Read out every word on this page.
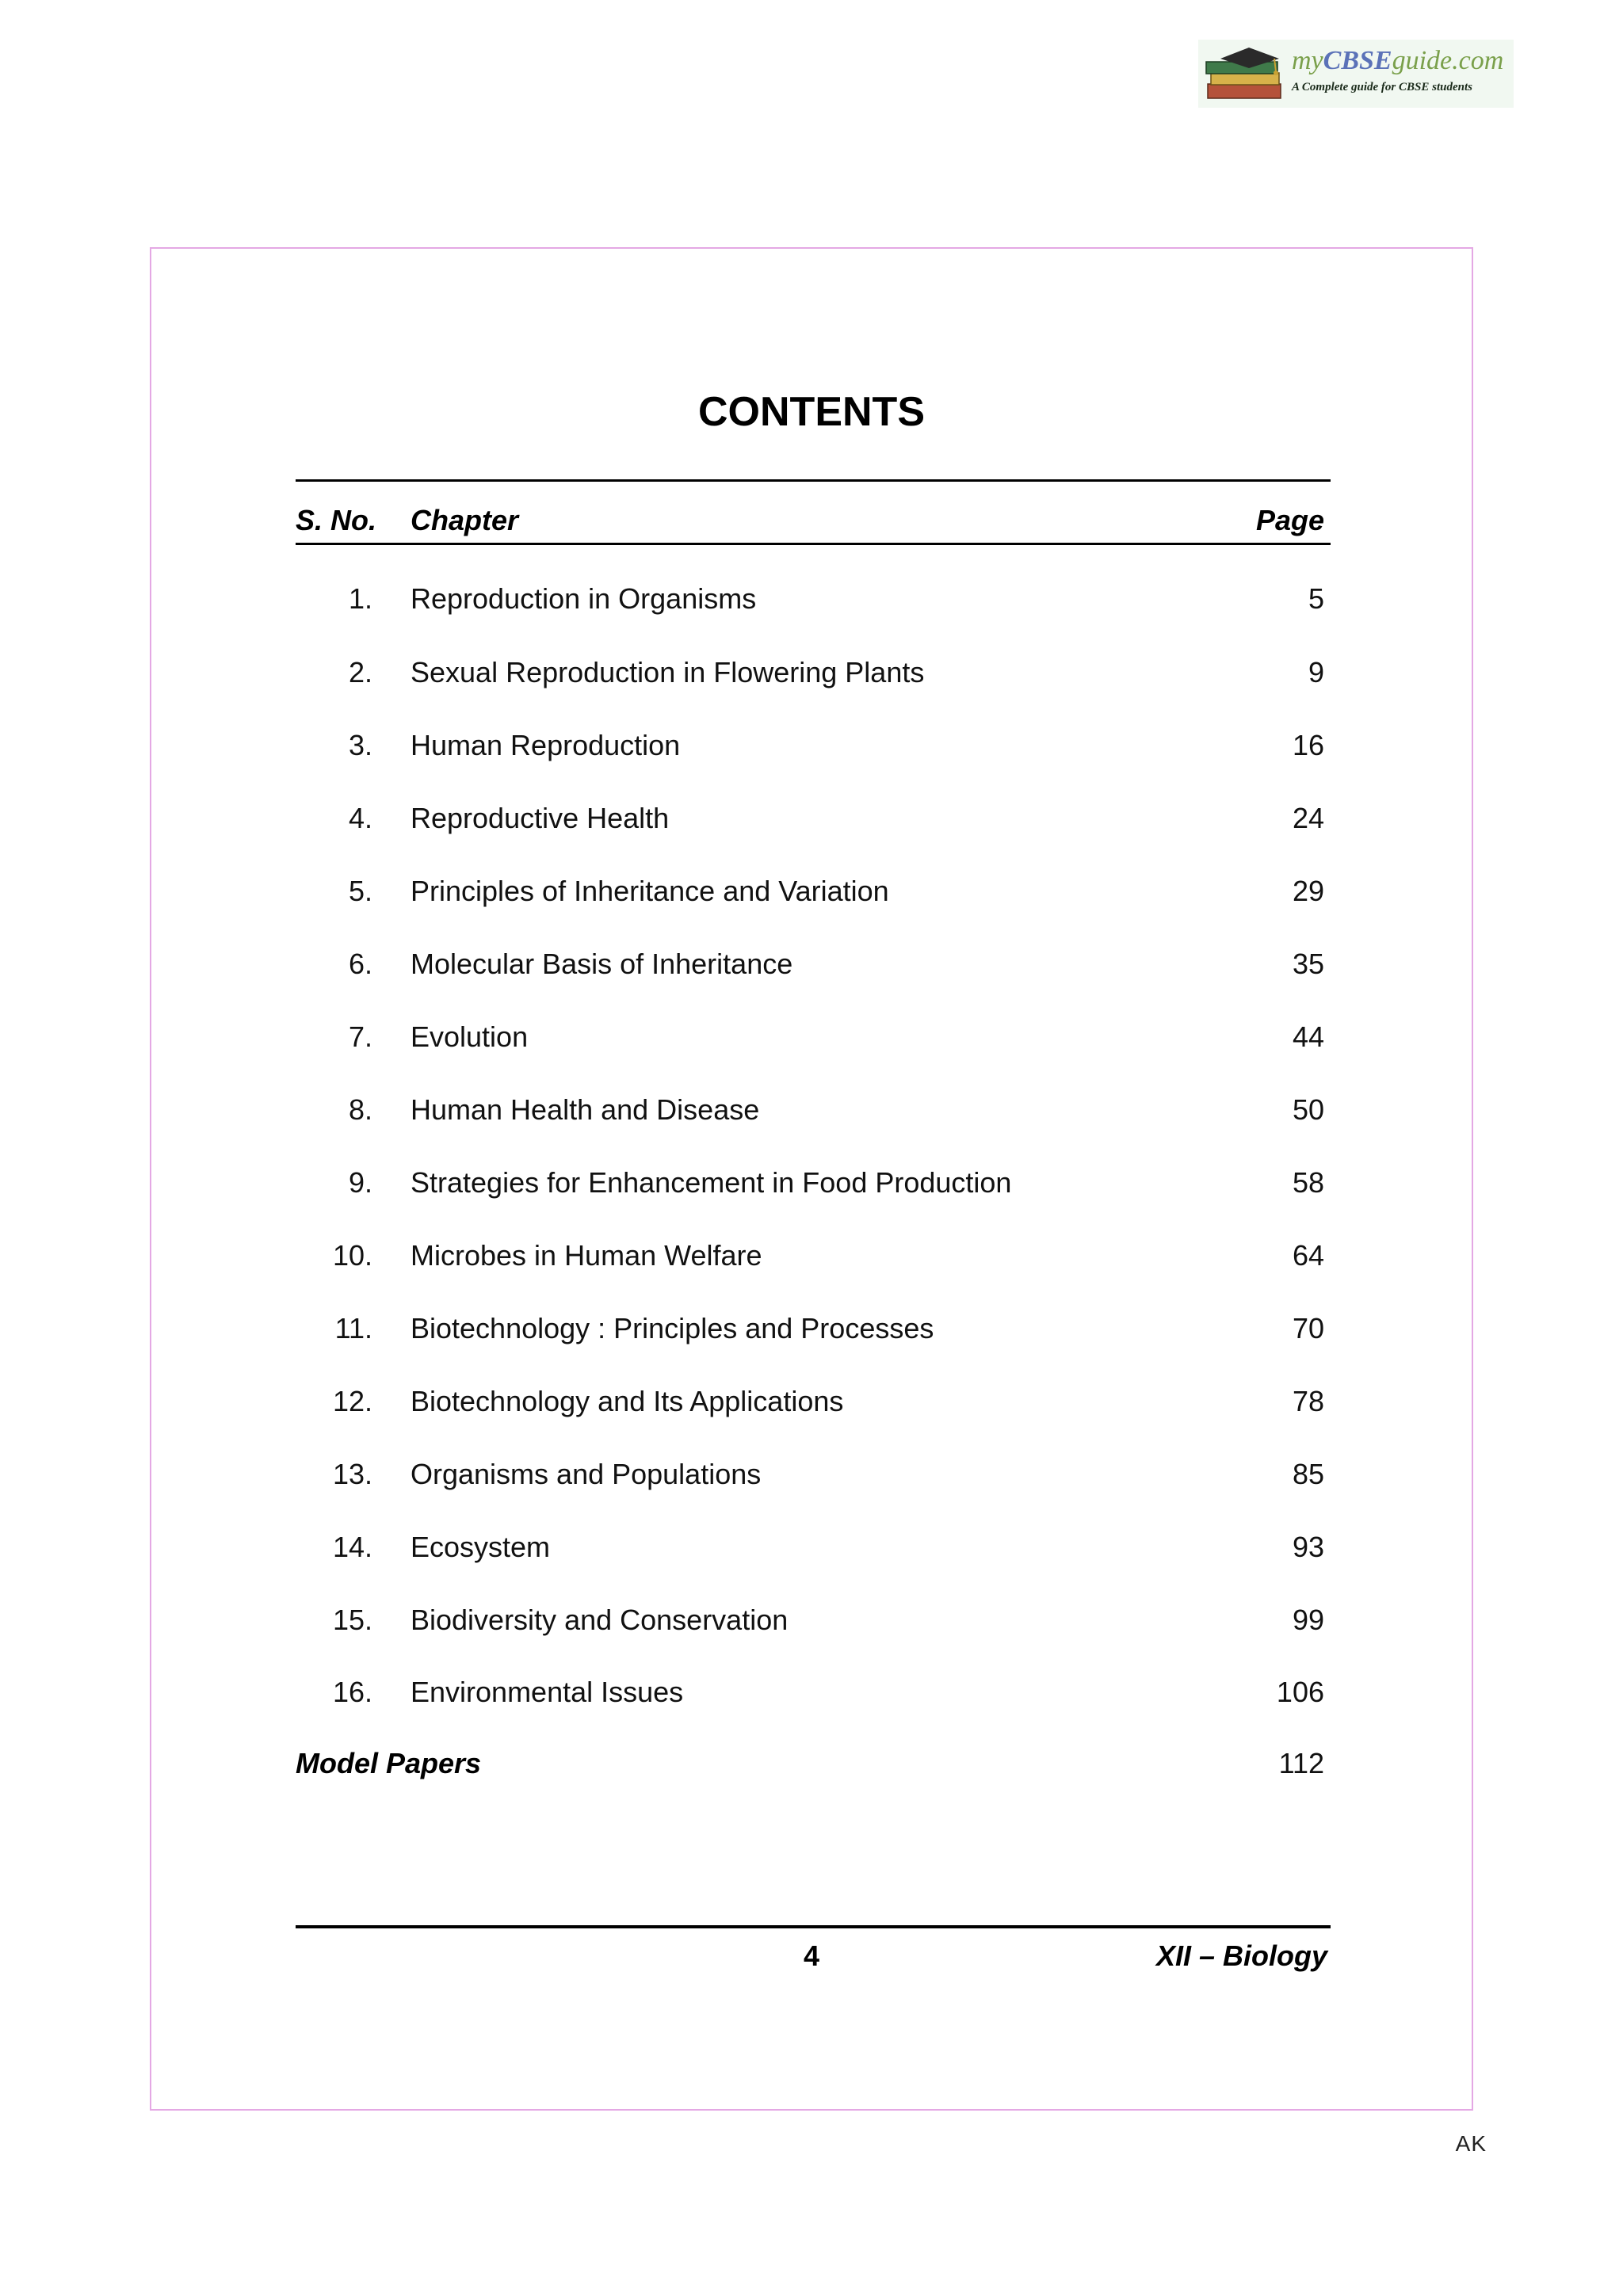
myCBSEguide.com
A Complete guide for CBSE students
CONTENTS
S. No. Chapter	Page
1. Reproduction in Organisms	5
2. Sexual Reproduction in Flowering Plants	9
3. Human Reproduction	16
4. Reproductive Health	24
5. Principles of Inheritance and Variation	29
6. Molecular Basis of Inheritance	35
7. Evolution	44
8. Human Health and Disease	50
9. Strategies for Enhancement in Food Production	58
10. Microbes in Human Welfare	64
11. Biotechnology : Principles and Processes	70
12. Biotechnology and Its Applications	78
13. Organisms and Populations	85
14. Ecosystem	93
15. Biodiversity and Conservation	99
16. Environmental Issues	106
Model Papers	112
4	XII – Biology
AK
